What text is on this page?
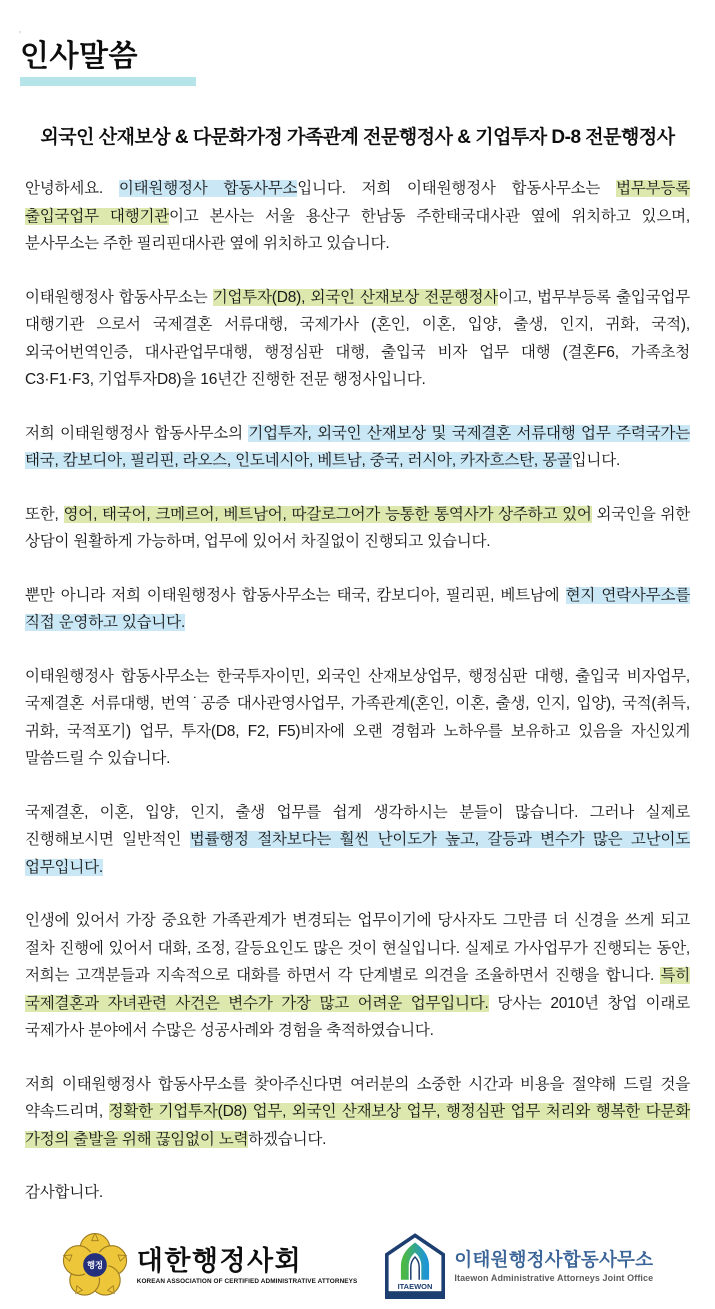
'
인사말씀
외국인 산재보상 & 다문화가정 가족관계 전문행정사 & 기업투자 D-8 전문행정사

안녕하세요. 이태원행정사 합동사무소입니다. 저희 이태원행정사 합동사무소는 법무부등록 출입국업무 대행기관이고 본사는 서울 용산구 한남동 주한태국대사관 옆에 위치하고 있으며, 분사무소는 주한 필리핀대사관 옆에 위치하고 있습니다.

이태원행정사 합동사무소는 기업투자(D8), 외국인 산재보상 전문행정사이고, 법무부등록 출입국업무 대행기관 으로서 국제결혼 서류대행, 국제가사 (혼인, 이혼, 입양, 출생, 인지, 귀화, 국적), 외국어번역인증, 대사관업무대행, 행정심판 대행, 출입국 비자 업무 대행 (결혼F6, 가족초청 C3·F1·F3, 기업투자D8)을 16년간 진행한 전문 행정사입니다.

저희 이태원행정사 합동사무소의 기업투자, 외국인 산재보상 및 국제결혼 서류대행 업무 주력국가는 태국, 캄보디아, 필리핀, 라오스, 인도네시아, 베트남, 중국, 러시아, 카자흐스탄, 몽골입니다.

또한, 영어, 태국어, 크메르어, 베트남어, 따갈로그어가 능통한 통역사가 상주하고 있어 외국인을 위한 상담이 원활하게 가능하며, 업무에 있어서 차질없이 진행되고 있습니다.

뿐만 아니라 저희 이태원행정사 합동사무소는 태국, 캄보디아, 필리핀, 베트남에 현지 연락사무소를 직접 운영하고 있습니다.

이태원행정사 합동사무소는 한국투자이민, 외국인 산재보상업무, 행정심판 대행, 출입국 비자업무, 국제결혼 서류대행, 번역˙공증 대사관영사업무, 가족관계(혼인, 이혼, 출생, 인지, 입양), 국적(취득, 귀화, 국적포기) 업무, 투자(D8, F2, F5)비자에 오랜 경험과 노하우를 보유하고 있음을 자신있게 말씀드릴 수 있습니다.

국제결혼, 이혼, 입양, 인지, 출생 업무를 쉽게 생각하시는 분들이 많습니다. 그러나 실제로 진행해보시면 일반적인 법률행정 절차보다는 훨씬 난이도가 높고, 갈등과 변수가 많은 고난이도 업무입니다.

인생에 있어서 가장 중요한 가족관계가 변경되는 업무이기에 당사자도 그만큼 더 신경을 쓰게 되고 절차 진행에 있어서 대화, 조정, 갈등요인도 많은 것이 현실입니다. 실제로 가사업무가 진행되는 동안, 저희는 고객분들과 지속적으로 대화를 하면서 각 단계별로 의견을 조율하면서 진행을 합니다. 특히 국제결혼과 자녀관련 사건은 변수가 가장 많고 어려운 업무입니다. 당사는 2010년 창업 이래로 국제가사 분야에서 수많은 성공사례와 경험을 축적하였습니다.

저희 이태원행정사 합동사무소를 찾아주신다면 여러분의 소중한 시간과 비용을 절약해 드릴 것을 약속드리며, 정확한 기업투자(D8) 업무, 외국인 산재보상 업무, 행정심판 업무 처리와 행복한 다문화 가정의 출발을 위해 끊임없이 노력하겠습니다.

감사합니다.

행정 대한행정사회
KOREAN ASSOCIATION OF CERTIFIED ADMINISTRATIVE ATTORNEYS
ITAEWON
이태원행정사합동사무소
Itaewon Administrative Attorneys Joint Office
